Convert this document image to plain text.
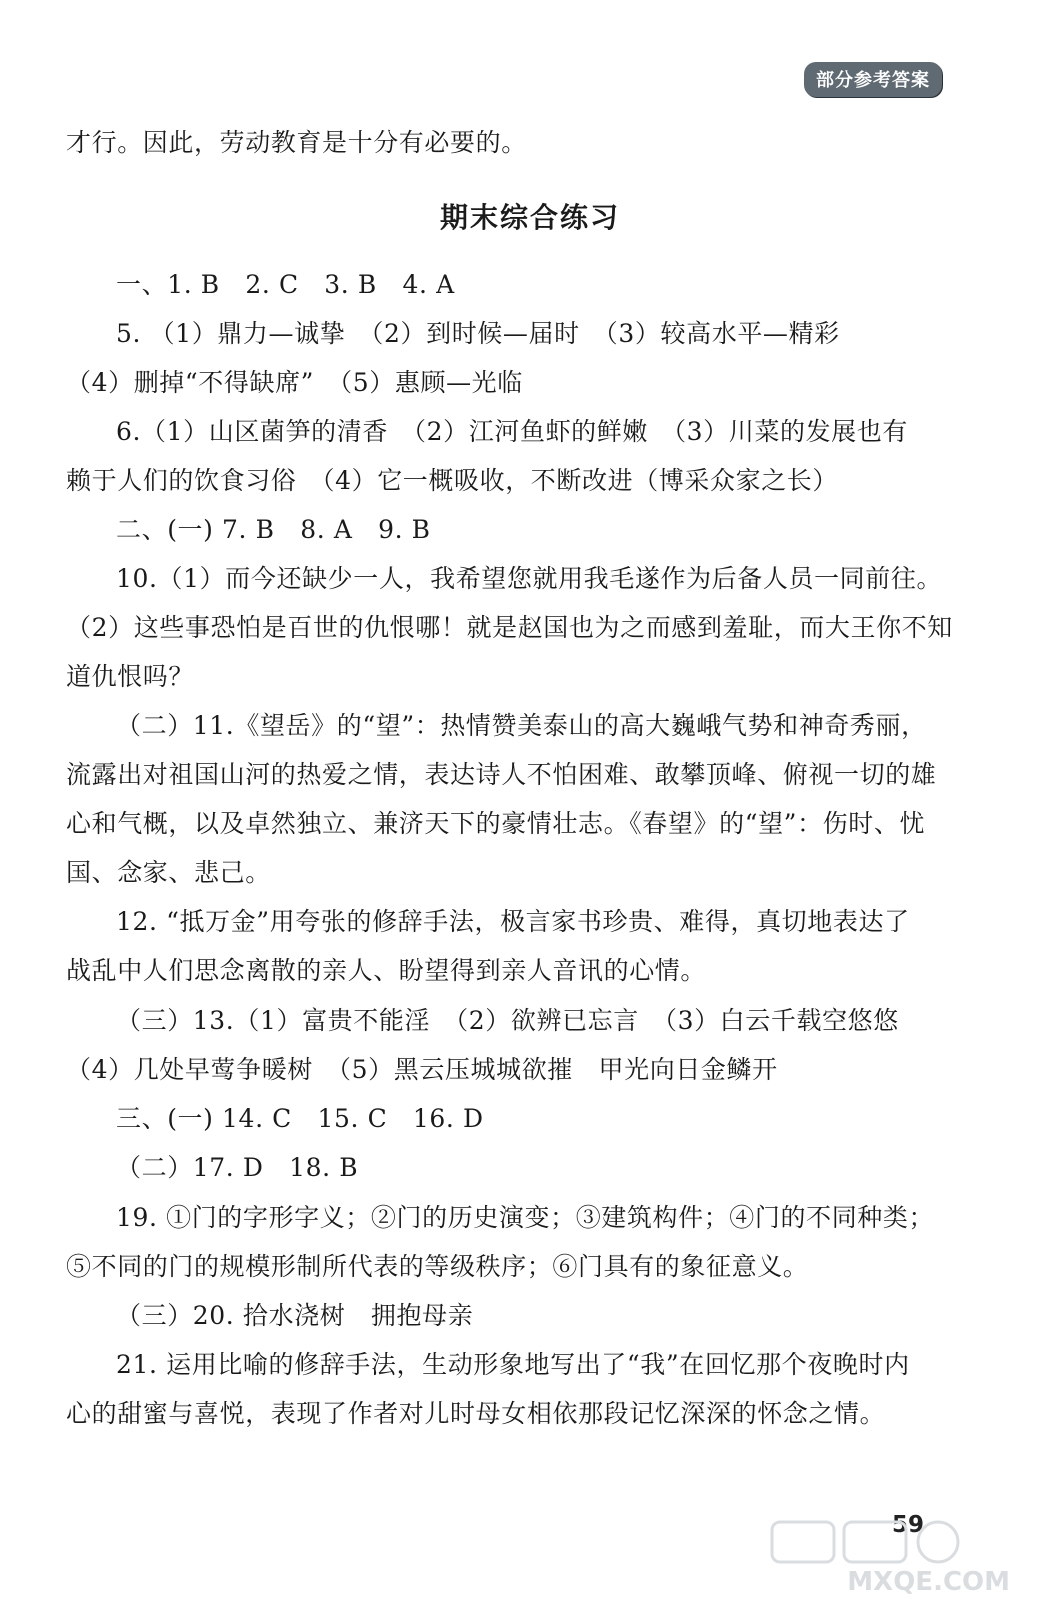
部分参考答案
才行。因此，劳动教育是十分有必要的。
期末综合练习
一、1. B　2. C　3. B　4. A
5. （1）鼎力—诚挚　（2）到时候—届时　（3）较高水平—精彩
（4）删掉“不得缺席”　（5）惠顾—光临
6.（1）山区菌笋的清香　（2）江河鱼虾的鲜嫩　（3）川菜的发展也有
赖于人们的饮食习俗　（4）它一概吸收，不断改进（博采众家之长）
二、(一) 7. B　8. A　9. B
10.（1）而今还缺少一人，我希望您就用我毛遂作为后备人员一同前往。
（2）这些事恐怕是百世的仇恨哪！就是赵国也为之而感到羞耻，而大王你不知
道仇恨吗？
（二）11.《望岳》的“望”：热情赞美泰山的高大巍峨气势和神奇秀丽，
流露出对祖国山河的热爱之情，表达诗人不怕困难、敢攀顶峰、俯视一切的雄
心和气概，以及卓然独立、兼济天下的豪情壮志。《春望》的“望”：伤时、忧
国、念家、悲己。
12. “抵万金”用夸张的修辞手法，极言家书珍贵、难得，真切地表达了
战乱中人们思念离散的亲人、盼望得到亲人音讯的心情。
（三）13.（1）富贵不能淫　（2）欲辨已忘言　（3）白云千载空悠悠
（4）几处早莺争暖树　（5）黑云压城城欲摧　甲光向日金鳞开
三、(一) 14. C　15. C　16. D
（二）17. D　18. B
19. ①门的字形字义；②门的历史演变；③建筑构件；④门的不同种类；
⑤不同的门的规模形制所代表的等级秩序；⑥门具有的象征意义。
（三）20. 拾水浇树　拥抱母亲
21. 运用比喻的修辞手法，生动形象地写出了“我”在回忆那个夜晚时内
心的甜蜜与喜悦，表现了作者对儿时母女相依那段记忆深深的怀念之情。
59
MXQE.COM
